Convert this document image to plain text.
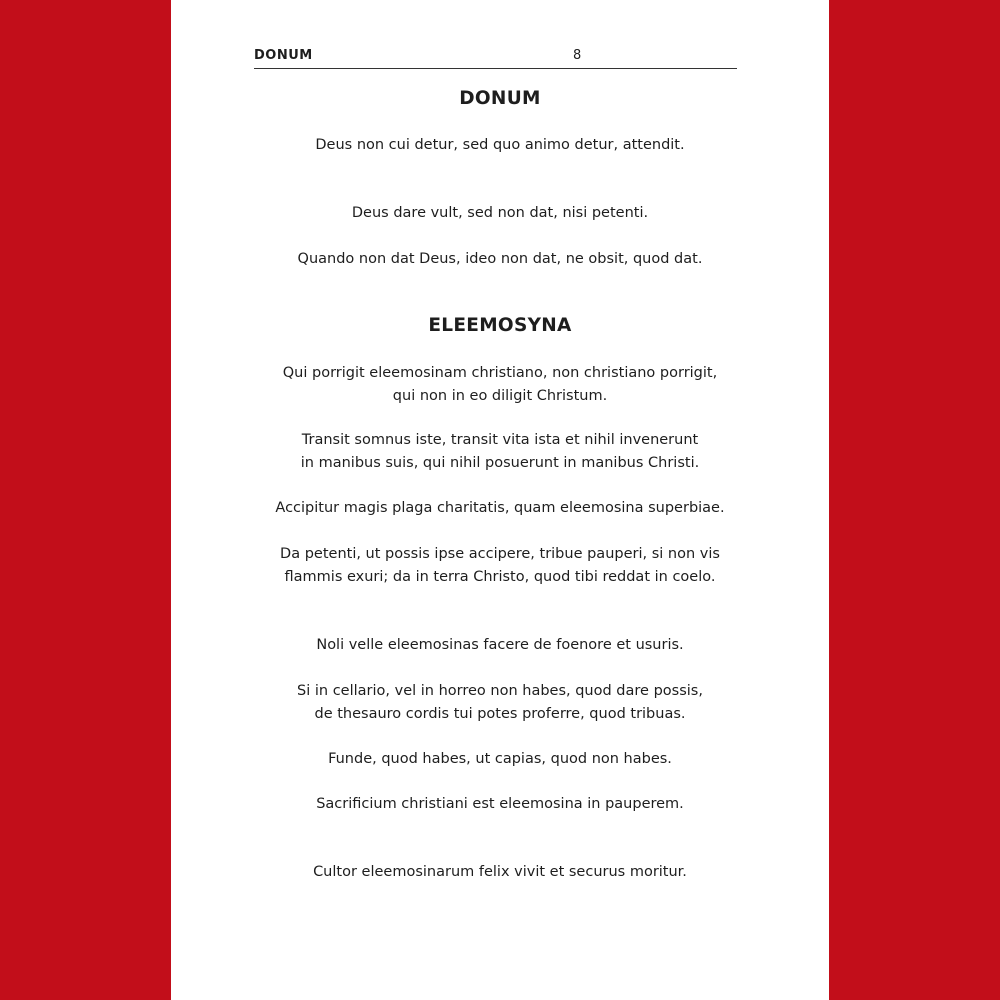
DONUM	8
DONUM
Deus non cui detur, sed quo animo detur, attendit.
Deus dare vult, sed non dat, nisi petenti.
Quando non dat Deus, ideo non dat, ne obsit, quod dat.
ELEEMOSYNA
Qui porrigit eleemosinam christiano, non christiano porrigit,
qui non in eo diligit Christum.
Transit somnus iste, transit vita ista et nihil invenerunt
in manibus suis, qui nihil posuerunt in manibus Christi.
Accipitur magis plaga charitatis, quam eleemosina superbiae.
Da petenti, ut possis ipse accipere, tribue pauperi, si non vis
flammis exuri; da in terra Christo, quod tibi reddat in coelo.
Noli velle eleemosinas facere de foenore et usuris.
Si in cellario, vel in horreo non habes, quod dare possis,
de thesauro cordis tui potes proferre, quod tribuas.
Funde, quod habes, ut capias, quod non habes.
Sacrificium christiani est eleemosina in pauperem.
Cultor eleemosinarum felix vivit et securus moritur.
